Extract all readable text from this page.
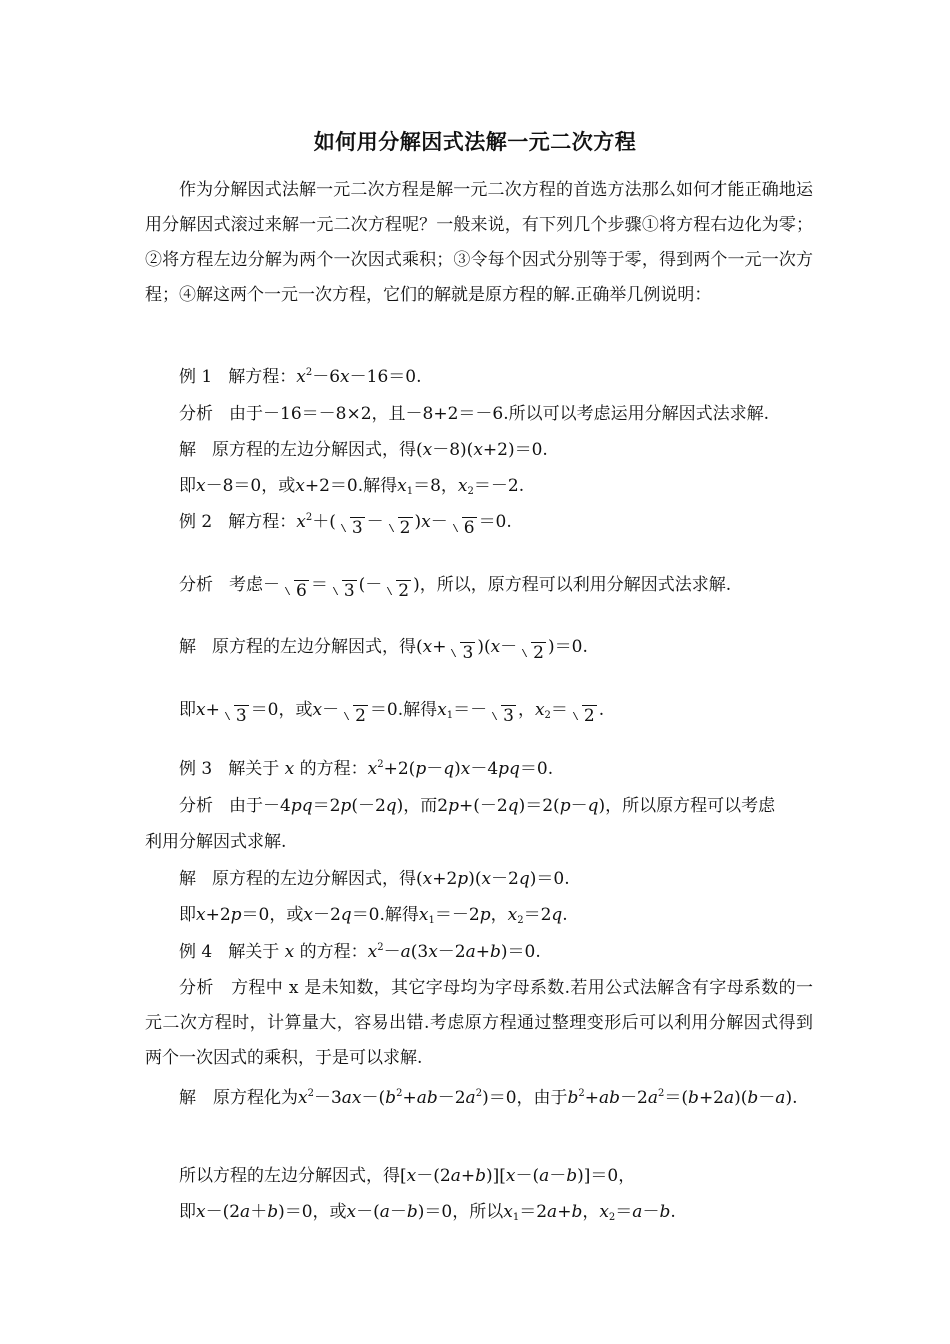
如何用分解因式法解一元二次方程

作为分解因式法解一元二次方程是解一元二次方程的首选方法那么如何才能正确地运用分解因式滚过来解一元二次方程呢？一般来说，有下列几个步骤①将方程右边化为零；②将方程左边分解为两个一次因式乘积；③令每个因式分别等于零，得到两个一元一次方程；④解这两个一元一次方程，它们的解就是原方程的解.正确举几例说明：

例 1 解方程：$x^2-6x-16=0$.
分析 由于－16＝－8×2，且－8+2＝－6.所以可以考虑运用分解因式法求解.
解 原方程的左边分解因式，得(x－8)(x+2)＝0.
即x－8＝0，或x+2＝0.解得$x_1=8$，$x_2=-2$.
例 2 解方程：$x^2+$( 3 － 2 )x－ 6 ＝0.
分析 考虑－ 6 ＝ 3 (－ 2 )，所以，原方程可以利用分解因式法求解.
解 原方程的左边分解因式，得(x+ 3 )(x－ 2 )＝0.
即x+ 3 ＝0，或x－ 2 ＝0.解得$x_1=- 3$ ，$x_2= 2$ .
例 3 解关于 x 的方程：$x^2+2(p-q)x-4pq=0$.
分析 由于－4pq＝2p(－2q)，而2p+(－2q)＝2(p－q)，所以原方程可以考虑
利用分解因式求解.
解 原方程的左边分解因式，得(x+2p)(x－2q)＝0.
即x+2p＝0，或x－2q＝0.解得$x_1=-2p$，$x_2=2q$.
例 4 解关于 x 的方程：$x^2-a(3x-2a+b)=0$.

分析　 方程中 x 是未知数，其它字母均为字母系数.若用公式法解含有字母系数的一元二次方程时，计算量大，容易出错.考虑原方程通过整理变形后可以利用分解因式得到两个一次因式的乘积，于是可以求解.

解　 原方程化为$x^2-3ax-(b^2+ab-2a^2)=0$，由于$b^2+ab-2a^2=(b+2a)(b-a)$.

所以方程的左边分解因式，得[x－(2a+b)][x－(a－b)]＝0，
即x－(2a＋b)＝0，或x－(a－b)＝0，所以$x_1=2a+b$，$x_2=a-b$.
